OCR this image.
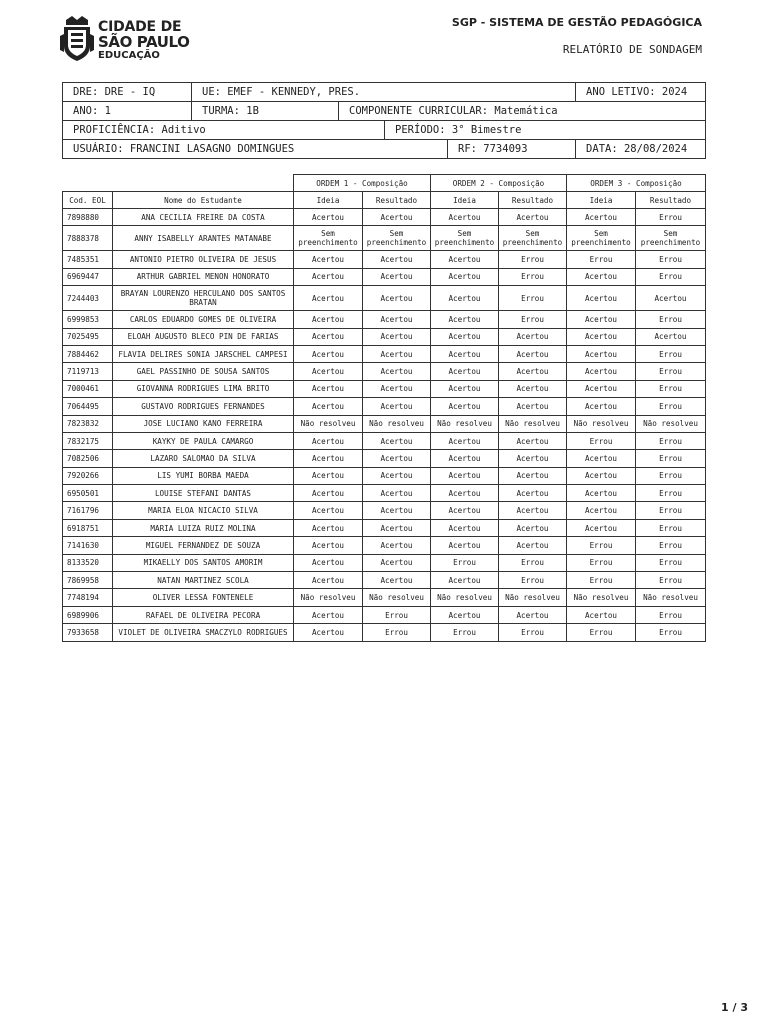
CIDADE DE
SÃO PAULO
EDUCAÇÃO
SGP - SISTEMA DE GESTÃO PEDAGÓGICA
RELATÓRIO DE SONDAGEM
DRE: DRE - IQ	UE: EMEF - KENNEDY, PRES.				ANO LETIVO: 2024
ANO: 1	TURMA: 1B	COMPONENTE CURRICULAR: Matemática			
PROFICIÊNCIA: Aditivo			PERÍODO: 3° Bimestre		
USUÁRIO: FRANCINI LASAGNO DOMINGUES				RF: 7734093	DATA: 28/08/2024
		ORDEM 1 - Composição		ORDEM 2 - Composição		ORDEM 3 - Composição	
Cod. EOL	Nome do Estudante	Ideia	Resultado	Ideia	Resultado	Ideia	Resultado
7898880	ANA CECILIA FREIRE DA COSTA	Acertou	Acertou	Acertou	Acertou	Acertou	Errou
7888378	ANNY ISABELLY ARANTES MATANABE	Sem preenchimento	Sem preenchimento	Sem preenchimento	Sem preenchimento	Sem preenchimento	Sem preenchimento
7485351	ANTONIO PIETRO OLIVEIRA DE JESUS	Acertou	Acertou	Acertou	Errou	Errou	Errou
6969447	ARTHUR GABRIEL MENON HONORATO	Acertou	Acertou	Acertou	Errou	Acertou	Errou
7244403	BRAYAN LOURENZO HERCULANO DOS SANTOS BRATAN	Acertou	Acertou	Acertou	Errou	Acertou	Acertou
6999853	CARLOS EDUARDO GOMES DE OLIVEIRA	Acertou	Acertou	Acertou	Errou	Acertou	Errou
7025495	ELOAH AUGUSTO BLECO PIN DE FARIAS	Acertou	Acertou	Acertou	Acertou	Acertou	Acertou
7884462	FLAVIA DELIRES SONIA JARSCHEL CAMPESI	Acertou	Acertou	Acertou	Acertou	Acertou	Errou
7119713	GAEL PASSINHO DE SOUSA SANTOS	Acertou	Acertou	Acertou	Acertou	Acertou	Errou
7000461	GIOVANNA RODRIGUES LIMA BRITO	Acertou	Acertou	Acertou	Acertou	Acertou	Errou
7064495	GUSTAVO RODRIGUES FERNANDES	Acertou	Acertou	Acertou	Acertou	Acertou	Errou
7823832	JOSE LUCIANO KANO FERREIRA	Não resolveu	Não resolveu	Não resolveu	Não resolveu	Não resolveu	Não resolveu
7832175	KAYKY DE PAULA CAMARGO	Acertou	Acertou	Acertou	Acertou	Errou	Errou
7082506	LAZARO SALOMAO DA SILVA	Acertou	Acertou	Acertou	Acertou	Acertou	Errou
7920266	LIS YUMI BORBA MAEDA	Acertou	Acertou	Acertou	Acertou	Acertou	Errou
6950501	LOUISE STEFANI DANTAS	Acertou	Acertou	Acertou	Acertou	Acertou	Errou
7161796	MARIA ELOA NICACIO SILVA	Acertou	Acertou	Acertou	Acertou	Acertou	Errou
6918751	MARIA LUIZA RUIZ MOLINA	Acertou	Acertou	Acertou	Acertou	Acertou	Errou
7141630	MIGUEL FERNANDEZ DE SOUZA	Acertou	Acertou	Acertou	Acertou	Errou	Errou
8133520	MIKAELLY DOS SANTOS AMORIM	Acertou	Acertou	Errou	Errou	Errou	Errou
7869958	NATAN MARTINEZ SCOLA	Acertou	Acertou	Acertou	Errou	Errou	Errou
7748194	OLIVER LESSA FONTENELE	Não resolveu	Não resolveu	Não resolveu	Não resolveu	Não resolveu	Não resolveu
6989906	RAFAEL DE OLIVEIRA PECORA	Acertou	Errou	Acertou	Acertou	Acertou	Errou
7933658	VIOLET DE OLIVEIRA SMACZYLO RODRIGUES	Acertou	Errou	Errou	Errou	Errou	Errou
1 / 3
